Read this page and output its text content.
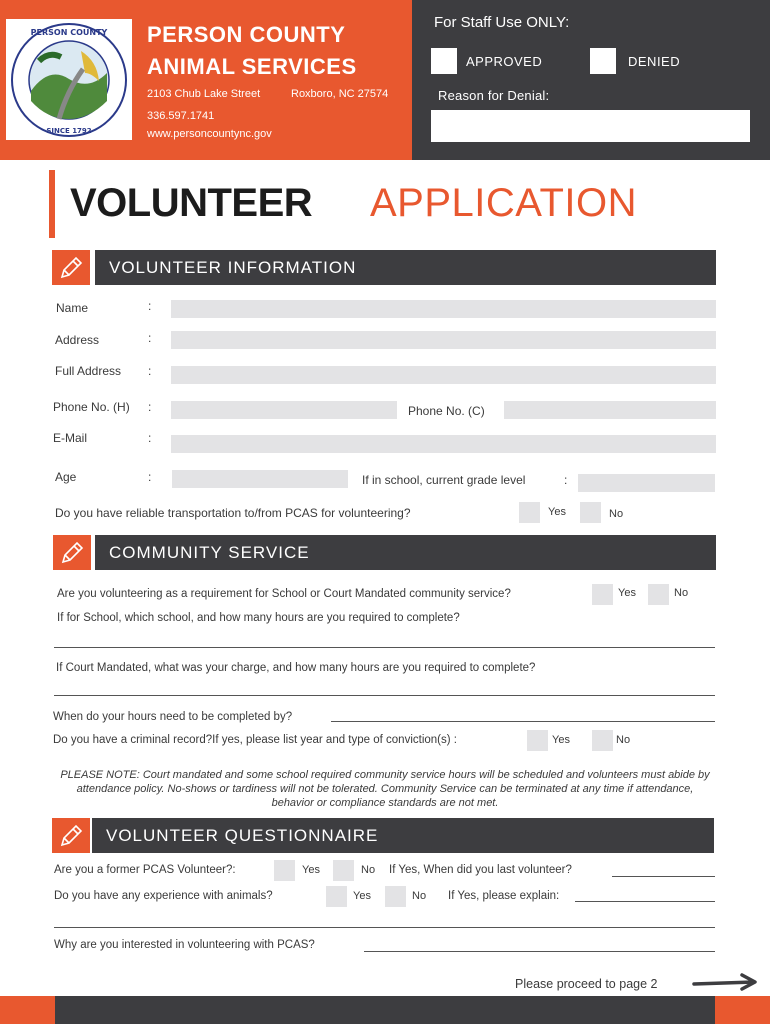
PERSON COUNTY
SINCE 1792
PERSON COUNTY
ANIMAL SERVICES
2103 Chub Lake Street	Roxboro, NC 27574
336.597.1741
www.personcountync.gov
For Staff Use ONLY:
APPROVED	DENIED
Reason for Denial:
VOLUNTEER APPLICATION
VOLUNTEER INFORMATION
Name	:
Address	:
Full Address :
Phone No. (H) :	Phone No. (C)
E-Mail	:
Age	:	If in school, current grade level	:
Do you have reliable transportation to/from PCAS for volunteering?	Yes	No
COMMUNITY SERVICE
Are you volunteering as a requirement for School or Court Mandated community service?	Yes	No
If for School, which school, and how many hours are you required to complete?
If Court Mandated, what was your charge, and how many hours are you required to complete?
When do your hours need to be completed by?
Do you have a criminal record?If yes, please list year and type of conviction(s) :	Yes	No
PLEASE NOTE: Court mandated and some school required community service hours will be scheduled and volunteers must abide by attendance policy. No-shows or tardiness will not be tolerated. Community Service can be terminated at any time if attendance, behavior or compliance standards are not met.
VOLUNTEER QUESTIONNAIRE
Are you a former PCAS Volunteer?:	Yes	No If Yes, When did you last volunteer?
Do you have any experience with animals?	Yes	No If Yes, please explain:
Why are you interested in volunteering with PCAS?
Please proceed to page 2
